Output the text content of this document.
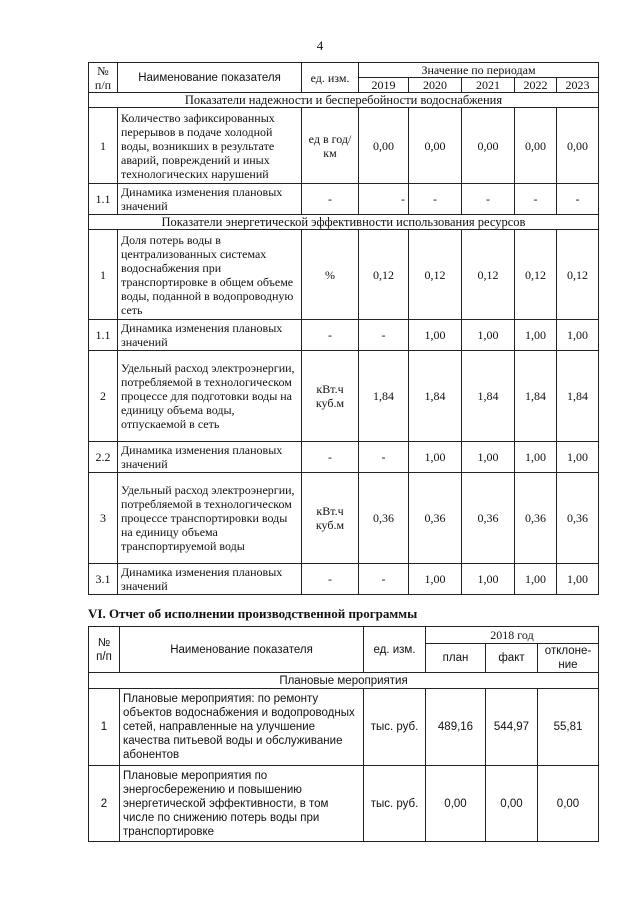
4
№ п/п	Наименование показателя	ед. изм.	Значение по периодам				
			2019	2020	2021	2022	2023
Показатели надежности и бесперебойности водоснабжения							
1	Количество зафиксированных перерывов в подаче холодной воды, возникших в результате аварий, повреждений и иных технологических нарушений	ед в год/ км	0,00	0,00	0,00	0,00	0,00
1.1	Динамика изменения плановых значений	-	-	-	-	-	-
Показатели энергетической эффективности использования ресурсов							
1	Доля потерь воды в централизованных системах водоснабжения при транспортировке в общем объеме воды, поданной в водопроводную сеть	%	0,12	0,12	0,12	0,12	0,12
1.1	Динамика изменения плановых значений	-	-	1,00	1,00	1,00	1,00
2	Удельный расход электроэнергии, потребляемой в технологическом процессе для подготовки воды на единицу объема воды, отпускаемой в сеть	кВт.ч куб.м	1,84	1,84	1,84	1,84	1,84
2.2	Динамика изменения плановых значений	-	-	1,00	1,00	1,00	1,00
3	Удельный расход электроэнергии, потребляемой в технологическом процессе транспортировки воды на единицу объема транспортируемой воды	кВт.ч куб.м	0,36	0,36	0,36	0,36	0,36
3.1	Динамика изменения плановых значений	-	-	1,00	1,00	1,00	1,00
VI. Отчет об исполнении производственной программы
№ п/п	Наименование показателя	ед. изм.	2018 год		
			план	факт	отклоне-ние
Плановые мероприятия					
1	Плановые мероприятия: по ремонту объектов водоснабжения и водопроводных сетей, направленные на улучшение качества питьевой воды и обслуживание абонентов	тыс. руб.	489,16	544,97	55,81
2	Плановые мероприятия по энергосбережению и повышению энергетической эффективности, в том числе по снижению потерь воды при транспортировке	тыс. руб.	0,00	0,00	0,00
